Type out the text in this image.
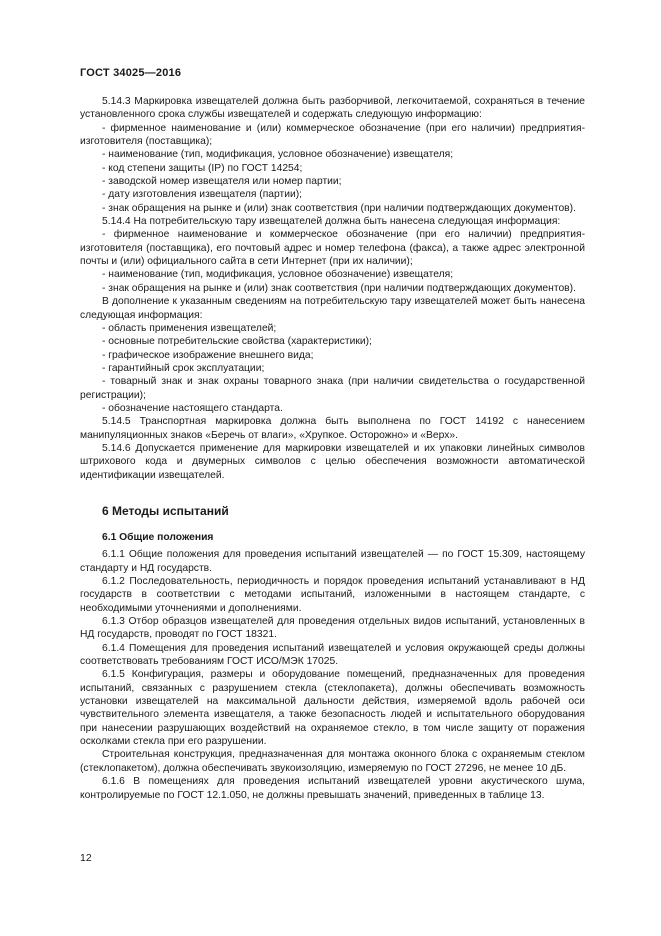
ГОСТ 34025—2016

5.14.3 Маркировка извещателей должна быть разборчивой, легкочитаемой, сохраняться в течение установленного срока службы извещателей и содержать следующую информацию:

- фирменное наименование и (или) коммерческое обозначение (при его наличии) предприятия-изготовителя (поставщика);

- наименование (тип, модификация, условное обозначение) извещателя;

- код степени защиты (IP) по ГОСТ 14254;

- заводской номер извещателя или номер партии;

- дату изготовления извещателя (партии);

- знак обращения на рынке и (или) знак соответствия (при наличии подтверждающих документов).

5.14.4 На потребительскую тару извещателей должна быть нанесена следующая информация:

- фирменное наименование и коммерческое обозначение (при его наличии) предприятия-изготовителя (поставщика), его почтовый адрес и номер телефона (факса), а также адрес электронной почты и (или) официального сайта в сети Интернет (при их наличии);

- наименование (тип, модификация, условное обозначение) извещателя;

- знак обращения на рынке и (или) знак соответствия (при наличии подтверждающих документов).

В дополнение к указанным сведениям на потребительскую тару извещателей может быть нанесена следующая информация:

- область применения извещателей;

- основные потребительские свойства (характеристики);

- графическое изображение внешнего вида;

- гарантийный срок эксплуатации;

- товарный знак и знак охраны товарного знака (при наличии свидетельства о государственной регистрации);

- обозначение настоящего стандарта.

5.14.5 Транспортная маркировка должна быть выполнена по ГОСТ 14192 с нанесением манипуляционных знаков «Беречь от влаги», «Хрупкое. Осторожно» и «Верх».

5.14.6 Допускается применение для маркировки извещателей и их упаковки линейных символов штрихового кода и двумерных символов с целью обеспечения возможности автоматической идентификации извещателей.

6 Методы испытаний
6.1 Общие положения

6.1.1 Общие положения для проведения испытаний извещателей — по ГОСТ 15.309, настоящему стандарту и НД государств.

6.1.2 Последовательность, периодичность и порядок проведения испытаний устанавливают в НД государств в соответствии с методами испытаний, изложенными в настоящем стандарте, с необходимыми уточнениями и дополнениями.

6.1.3 Отбор образцов извещателей для проведения отдельных видов испытаний, установленных в НД государств, проводят по ГОСТ 18321.

6.1.4 Помещения для проведения испытаний извещателей и условия окружающей среды должны соответствовать требованиям ГОСТ ИСО/МЭК 17025.

6.1.5 Конфигурация, размеры и оборудование помещений, предназначенных для проведения испытаний, связанных с разрушением стекла (стеклопакета), должны обеспечивать возможность установки извещателей на максимальной дальности действия, измеряемой вдоль рабочей оси чувствительного элемента извещателя, а также безопасность людей и испытательного оборудования при нанесении разрушающих воздействий на охраняемое стекло, в том числе защиту от поражения осколками стекла при его разрушении.

Строительная конструкция, предназначенная для монтажа оконного блока с охраняемым стеклом (стеклопакетом), должна обеспечивать звукоизоляцию, измеряемую по ГОСТ 27296, не менее 10 дБ.

6.1.6 В помещениях для проведения испытаний извещателей уровни акустического шума, контролируемые по ГОСТ 12.1.050, не должны превышать значений, приведенных в таблице 13.

12
